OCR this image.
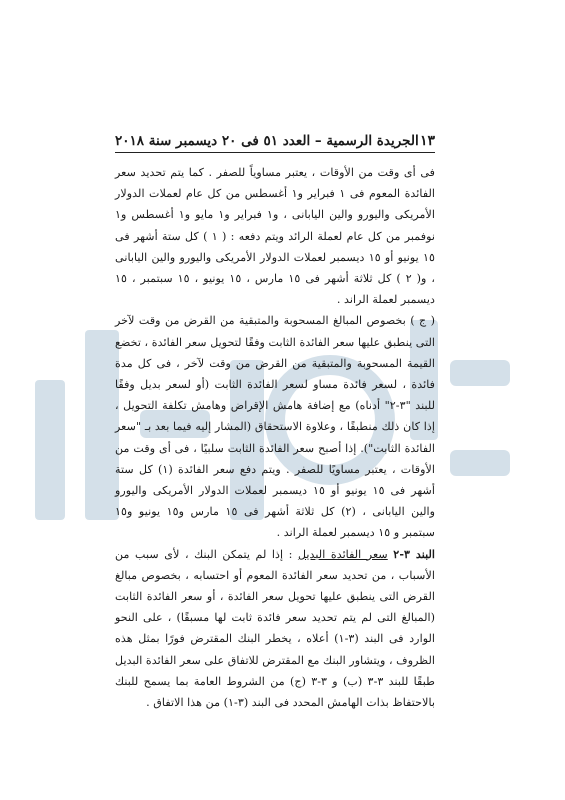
الجريدة الرسمية – العدد ٥١ فى ٢٠ ديسمبر سنة ٢٠١٨ ١٣

فى أى وقت من الأوقات ، يعتبر مساوياً للصفر . كما يتم تحديد سعر الفائدة المعوم فى ١ فبراير و١ أغسطس من كل عام لعملات الدولار الأمريكى واليورو والين اليابانى ، و١ فبراير و١ مايو و١ أغسطس و١ نوفمبر من كل عام لعملة الرائد ويتم دفعه : ( ١ ) كل ستة أشهر فى ١٥ يونيو أو ١٥ ديسمبر لعملات الدولار الأمريكى واليورو والين اليابانى ، و( ٢ ) كل ثلاثة أشهر فى ١٥ مارس ، ١٥ يونيو ، ١٥ سبتمبر ، ١٥ ديسمبر لعملة الراند .

( ج ) بخصوص المبالغ المسحوبة والمتبقية من القرض من وقت لآخر التى ينطبق عليها سعر الفائدة الثابت وفقًا لتحويل سعر الفائدة ، تخضع القيمة المسحوبة والمتبقية من القرض من وقت لآخر ، فى كل مدة فائدة ، لسعر فائدة مساو لسعر الفائدة الثابت (أو لسعر بديل وفقًا للبند "٣-٢" أدناه) مع إضافة هامش الإقراض وهامش تكلفة التحويل ، إذا كان ذلك منطبقًا ، وعلاوة الاستحقاق (المشار إليه فيما بعد بـ "سعر الفائدة الثابت"). إذا أصبح سعر الفائدة الثابت سلبيًا ، فى أى وقت من الأوقات ، يعتبر مساويًا للصفر . ويتم دفع سعر الفائدة (١) كل ستة أشهر فى ١٥ يونيو أو ١٥ ديسمبر لعملات الدولار الأمريكى واليورو والين اليابانى ، (٢) كل ثلاثة أشهر فى ١٥ مارس و١٥ يونيو و١٥ سبتمبر و ١٥ ديسمبر لعملة الراند .

البند ٣-٢ سعر الفائدة البديل : إذا لم يتمكن البنك ، لأى سبب من الأسباب ، من تحديد سعر الفائدة المعوم أو احتسابه ، بخصوص مبالغ القرض التى ينطبق عليها تحويل سعر الفائدة ، أو سعر الفائدة الثابت (المبالغ التى لم يتم تحديد سعر فائدة ثابت لها مسبقًا) ، على النحو الوارد فى البند (٣-١) أعلاه ، يخطر البنك المقترض فورًا بمثل هذه الظروف ، ويتشاور البنك مع المقترض للاتفاق على سعر الفائدة البديل طبقًا للبند ٣-٣ (ب) و ٣-٣ (ج) من الشروط العامة بما يسمح للبنك بالاحتفاظ بذات الهامش المحدد فى البند (٣-١) من هذا الاتفاق .
